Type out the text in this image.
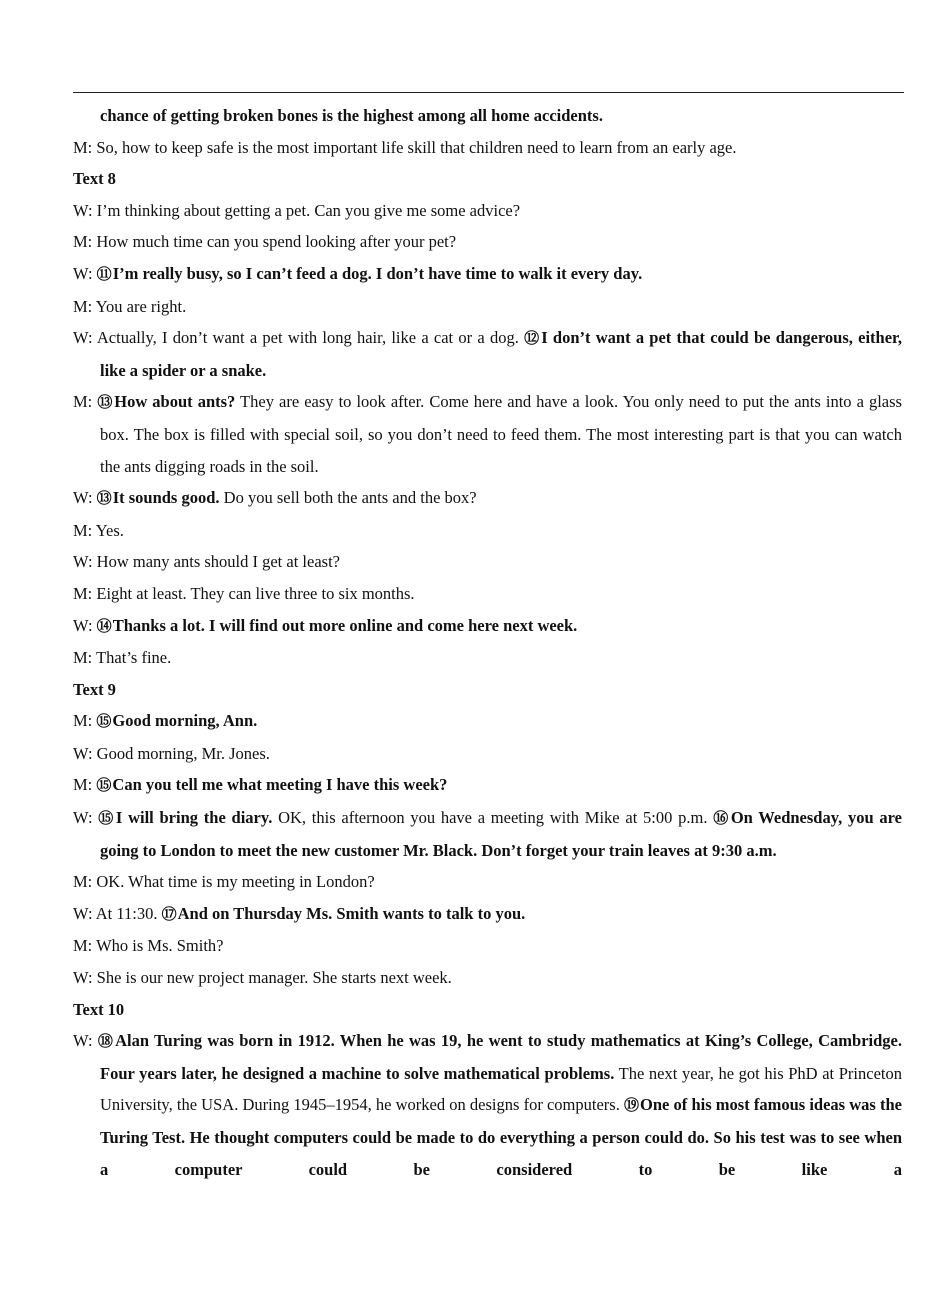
chance of getting broken bones is the highest among all home accidents.
M: So, how to keep safe is the most important life skill that children need to learn from an early age.
Text 8
W: I’m thinking about getting a pet. Can you give me some advice?
M: How much time can you spend looking after your pet?
W: ⑪I’m really busy, so I can’t feed a dog. I don’t have time to walk it every day.
M: You are right.
W: Actually, I don’t want a pet with long hair, like a cat or a dog. ⑫I don’t want a pet that could be dangerous, either, like a spider or a snake.
M: ⑬How about ants? They are easy to look after. Come here and have a look. You only need to put the ants into a glass box. The box is filled with special soil, so you don’t need to feed them. The most interesting part is that you can watch the ants digging roads in the soil.
W: ⑬It sounds good. Do you sell both the ants and the box?
M: Yes.
W: How many ants should I get at least?
M: Eight at least. They can live three to six months.
W: ⑭Thanks a lot. I will find out more online and come here next week.
M: That’s fine.
Text 9
M: ⑮Good morning, Ann.
W: Good morning, Mr. Jones.
M: ⑮Can you tell me what meeting I have this week?
W: ⑮I will bring the diary. OK, this afternoon you have a meeting with Mike at 5:00 p.m. ⑯On Wednesday, you are going to London to meet the new customer Mr. Black. Don’t forget your train leaves at 9:30 a.m.
M: OK. What time is my meeting in London?
W: At 11:30. ⑰And on Thursday Ms. Smith wants to talk to you.
M: Who is Ms. Smith?
W: She is our new project manager. She starts next week.
Text 10
W: ⑱Alan Turing was born in 1912. When he was 19, he went to study mathematics at King’s College, Cambridge. Four years later, he designed a machine to solve mathematical problems. The next year, he got his PhD at Princeton University, the USA. During 1945–1954, he worked on designs for computers. ⑲One of his most famous ideas was the Turing Test. He thought computers could be made to do everything a person could do. So his test was to see when a computer could be considered to be like a
